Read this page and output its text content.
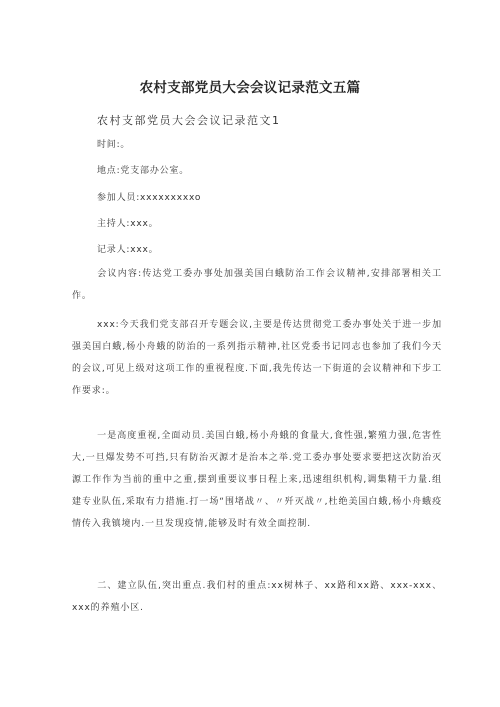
农村支部党员大会会议记录范文五篇
农村支部党员大会会议记录范文1
时间:。
地点:党支部办公室。
参加人员:xxxxxxxxxo
主持人:xxx。
记录人:xxx。
会议内容:传达党工委办事处加强美国白蛾防治工作会议精神,安排部署相关工作。
xxx:今天我们党支部召开专题会议,主要是传达贯彻党工委办事处关于进一步加强美国白蛾,杨小舟蛾的防治的一系列指示精神,社区党委书记同志也参加了我们今天的会议,可见上级对这项工作的重视程度.下面,我先传达一下街道的会议精神和下步工作要求:。
一是高度重视,全面动员.美国白蛾,杨小舟蛾的食量大,食性强,繁殖力强,危害性大,一旦爆发势不可挡,只有防治灭源才是治本之举.党工委办事处要求要把这次防治灭源工作作为当前的重中之重,摆到重要议事日程上来,迅速组织机构,调集精干力量.组建专业队伍,采取有力措施.打一场“围堵战〃、〃歼灭战〃,杜绝美国白蛾,杨小舟蛾疫情传入我镇境内.一旦发现疫情,能够及时有效全面控制.
二、建立队伍,突出重点.我们村的重点:xx树林子、xx路和xx路、xxx-xxx、xxx的养殖小区.
